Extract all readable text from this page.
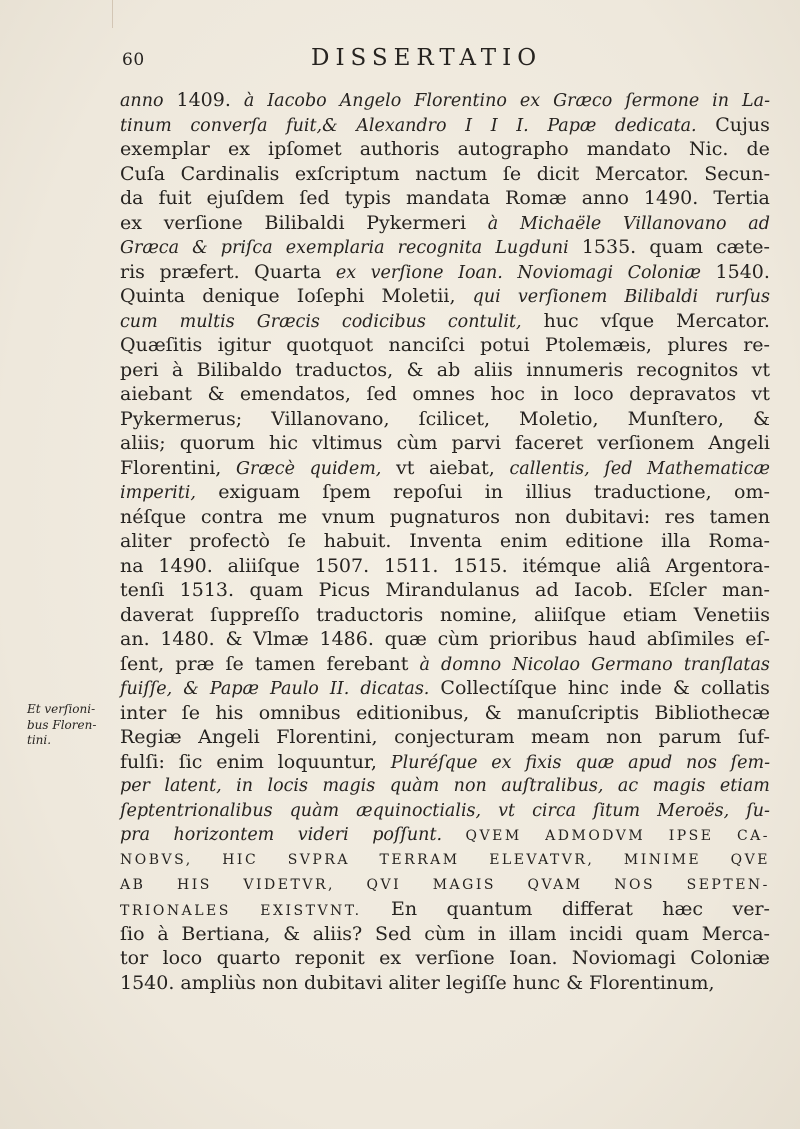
60	DISSERTATIO
Et verſioni-
bus Floren-
tini.
anno 1409. à Iacobo Angelo Florentino ex Græco ſermone in La-
tinum converſa fuit,& Alexandro I I I. Papæ dedicata. Cujus
exemplar ex ipſomet authoris autographo mandato Nic. de
Cuſa Cardinalis exſcriptum nactum ſe dicit Mercator. Secun-
da fuit ejuſdem ſed typis mandata Romæ anno 1490. Tertia
ex verſione Bilibaldi Pykermeri à Michaële Villanovano ad
Græca & priſca exemplaria recognita Lugduni 1535. quam cæte-
ris præfert. Quarta ex verſione Ioan. Noviomagi Coloniæ 1540.
Quinta denique Ioſephi Moletii, qui verſionem Bilibaldi rurſus
cum multis Græcis codicibus contulit, huc vſque Mercator.
Quæſitis igitur quotquot nanciſci potui Ptolemæis, plures re-
peri à Bilibaldo traductos, & ab aliis innumeris recognitos vt
aiebant & emendatos, ſed omnes hoc in loco depravatos vt
Pykermerus; Villanovano, ſcilicet, Moletio, Munſtero, &
aliis; quorum hic vltimus cùm parvi faceret verſionem Angeli
Florentini, Græcè quidem, vt aiebat, callentis, ſed Mathematicæ
imperiti, exiguam ſpem repoſui in illius traductione, om-
néſque contra me vnum pugnaturos non dubitavi: res tamen
aliter profectò ſe habuit. Inventa enim editione illa Roma-
na 1490. aliiſque 1507. 1511. 1515. itémque aliâ Argentora-
tenſi 1513. quam Picus Mirandulanus ad Iacob. Eſcler man-
daverat ſuppreſſo traductoris nomine, aliiſque etiam Venetiis
an. 1480. & Vlmæ 1486. quæ cùm prioribus haud abſimiles eſ-
ſent, præ ſe tamen ferebant à domno Nicolao Germano tranſlatas
fuiſſe, & Papæ Paulo II. dicatas. Collectíſque hinc inde & collatis
inter ſe his omnibus editionibus, & manuſcriptis Bibliothecæ
Regiæ Angeli Florentini, conjecturam meam non parum ſuf-
fulſi: ſic enim loquuntur, Pluréſque ex fixis quæ apud nos ſem-
per latent, in locis magis quàm non auſtralibus, ac magis etiam
ſeptentrionalibus quàm æquinoctialis, vt circa ſitum Meroës, ſu-
pra horizontem videri poſſunt. QVEM ADMODVM IPSE CA-
NOBVS, HIC SVPRA TERRAM ELEVATVR, MINIME QVE
AB HIS VIDETVR, QVI MAGIS QVAM NOS SEPTEN-
TRIONALES EXISTVNT. En quantum differat hæc ver-
ſio à Bertiana, & aliis? Sed cùm in illam incidi quam Merca-
tor loco quarto reponit ex verſione Ioan. Noviomagi Coloniæ
1540. ampliùs non dubitavi aliter legiſſe hunc & Florentinum,
